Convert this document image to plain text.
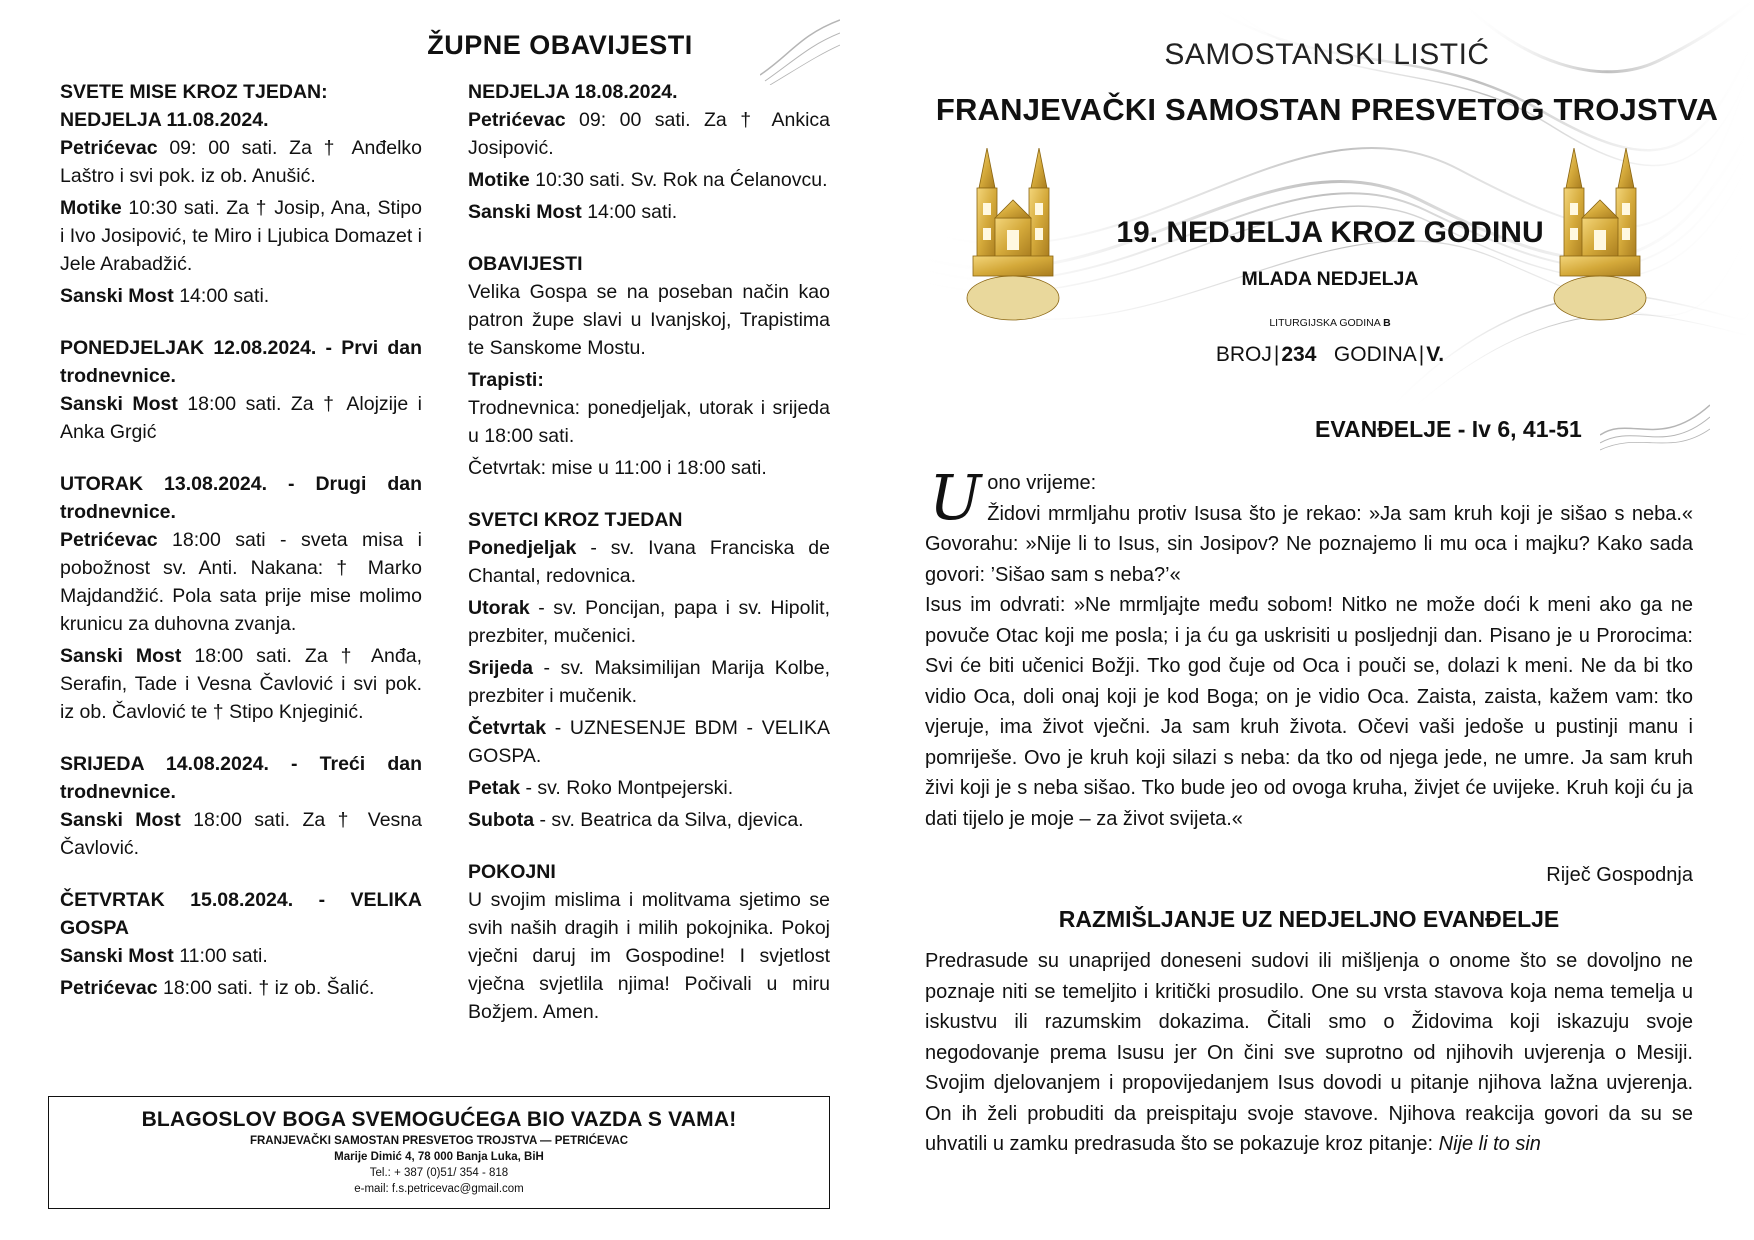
ŽUPNE OBAVIJESTI

SVETE MISE KROZ TJEDAN:

NEDJELJA 11.08.2024.

Petrićevac 09: 00 sati. Za † Anđelko Laštro i svi pok. iz ob. Anušić.

Motike 10:30 sati. Za † Josip, Ana, Stipo i Ivo Josipović, te Miro i Ljubica Domazet i Jele Arabadžić.

Sanski Most 14:00 sati.

PONEDJELJAK 12.08.2024. - Prvi dan trodnevnice.

Sanski Most 18:00 sati. Za † Alojzije i Anka Grgić

UTORAK 13.08.2024. - Drugi dan trodnevnice.

Petrićevac 18:00 sati - sveta misa i pobožnost sv. Anti. Nakana: † Marko Majdandžić. Pola sata prije mise molimo krunicu za duhovna zvanja.

Sanski Most 18:00 sati. Za † Anđa, Serafin, Tade i Vesna Čavlović i svi pok. iz ob. Čavlović te † Stipo Knjeginić.

SRIJEDA 14.08.2024. - Treći dan trodnevnice.

Sanski Most 18:00 sati. Za † Vesna Čavlović.

ČETVRTAK 15.08.2024. - VELIKA GOSPA

Sanski Most 11:00 sati.

Petrićevac 18:00 sati. † iz ob. Šalić.

NEDJELJA 18.08.2024.

Petrićevac 09: 00 sati. Za † Ankica Josipović.

Motike 10:30 sati. Sv. Rok na Ćelanovcu.

Sanski Most 14:00 sati.

OBAVIJESTI

Velika Gospa se na poseban način kao patron župe slavi u Ivanjskoj, Trapistima te Sanskome Mostu.

Trapisti:

Trodnevnica: ponedjeljak, utorak i srijeda u 18:00 sati.

Četvrtak: mise u 11:00 i 18:00 sati.

SVETCI KROZ TJEDAN

Ponedjeljak - sv. Ivana Franciska de Chantal, redovnica.

Utorak - sv. Poncijan, papa i sv. Hipolit, prezbiter, mučenici.

Srijeda - sv. Maksimilijan Marija Kolbe, prezbiter i mučenik.

Četvrtak - UZNESENJE BDM - VELIKA GOSPA.

Petak - sv. Roko Montpejerski.

Subota - sv. Beatrica da Silva, djevica.

POKOJNI

U svojim mislima i molitvama sjetimo se svih naših dragih i milih pokojnika. Pokoj vječni daruj im Gospodine! I svjetlost vječna svjetlila njima! Počivali u miru Božjem. Amen.

BLAGOSLOV BOGA SVEMOGUĆEGA BIO VAZDA S VAMA!
FRANJEVAČKI SAMOSTAN PRESVETOG TROJSTVA — PETRIĆEVAC
Marije Dimić 4, 78 000 Banja Luka, BiH
Tel.: + 387 (0)51/ 354 - 818
e-mail: f.s.petricevac@gmail.com
SAMOSTANSKI LISTIĆ
FRANJEVAČKI SAMOSTAN PRESVETOG TROJSTVA
19. NEDJELJA KROZ GODINU
MLADA NEDJELJA
LITURGIJSKA GODINA B
BROJ|234 GODINA|V.
EVANĐELJE - Iv 6, 41-51
U ono vrijeme:
Židovi mrmljahu protiv Isusa što je rekao: »Ja sam kruh koji je sišao s neba.« Govorahu: »Nije li to Isus, sin Josipov? Ne poznajemo li mu oca i majku? Kako sada govori: ’Sišao sam s neba?’«
Isus im odvrati: »Ne mrmljajte među sobom! Nitko ne može doći k meni ako ga ne povuče Otac koji me posla; i ja ću ga uskrisiti u posljednji dan. Pisano je u Prorocima: Svi će biti učenici Božji. Tko god čuje od Oca i pouči se, dolazi k meni. Ne da bi tko vidio Oca, doli onaj koji je kod Boga; on je vidio Oca. Zaista, zaista, kažem vam: tko vjeruje, ima život vječni. Ja sam kruh života. Očevi vaši jedoše u pustinji manu i pomriješe. Ovo je kruh koji silazi s neba: da tko od njega jede, ne umre. Ja sam kruh živi koji je s neba sišao. Tko bude jeo od ovoga kruha, živjet će uvijeke. Kruh koji ću ja dati tijelo je moje – za život svijeta.«
Riječ Gospodnja
RAZMIŠLJANJE UZ NEDJELJNO EVANĐELJE
Predrasude su unaprijed doneseni sudovi ili mišljenja o onome što se dovoljno ne poznaje niti se temeljito i kritički prosudilo. One su vrsta stavova koja nema temelja u iskustvu ili razumskim dokazima. Čitali smo o Židovima koji iskazuju svoje negodovanje prema Isusu jer On čini sve suprotno od njihovih uvjerenja o Mesiji. Svojim djelovanjem i propovijedanjem Isus dovodi u pitanje njihova lažna uvjerenja. On ih želi probuditi da preispitaju svoje stavove. Njihova reakcija govori da su se uhvatili u zamku predrasuda što se pokazuje kroz pitanje: Nije li to sin
